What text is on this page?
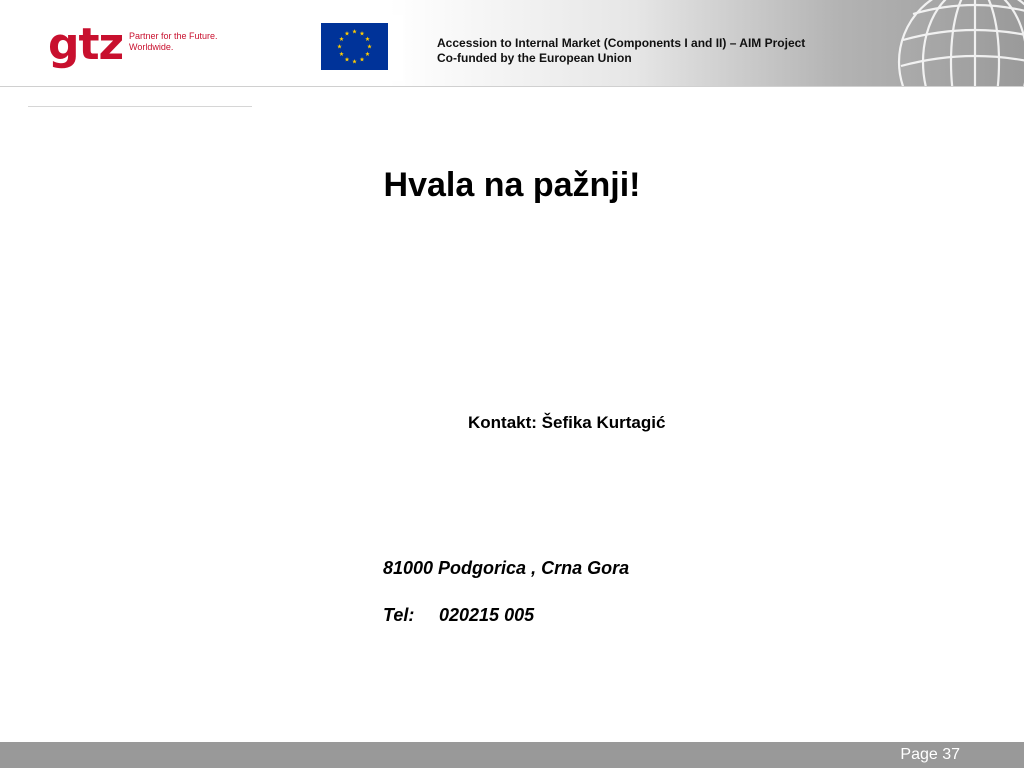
gtz Partner for the Future.
Worldwide.	Accession to Internal Market (Components I and II) – AIM Project
Co-funded by the European Union
Hvala na pažnji!
Kontakt: Šefika Kurtagić
81000 Podgorica , Crna Gora
Tel: 020215 005
Page 37
